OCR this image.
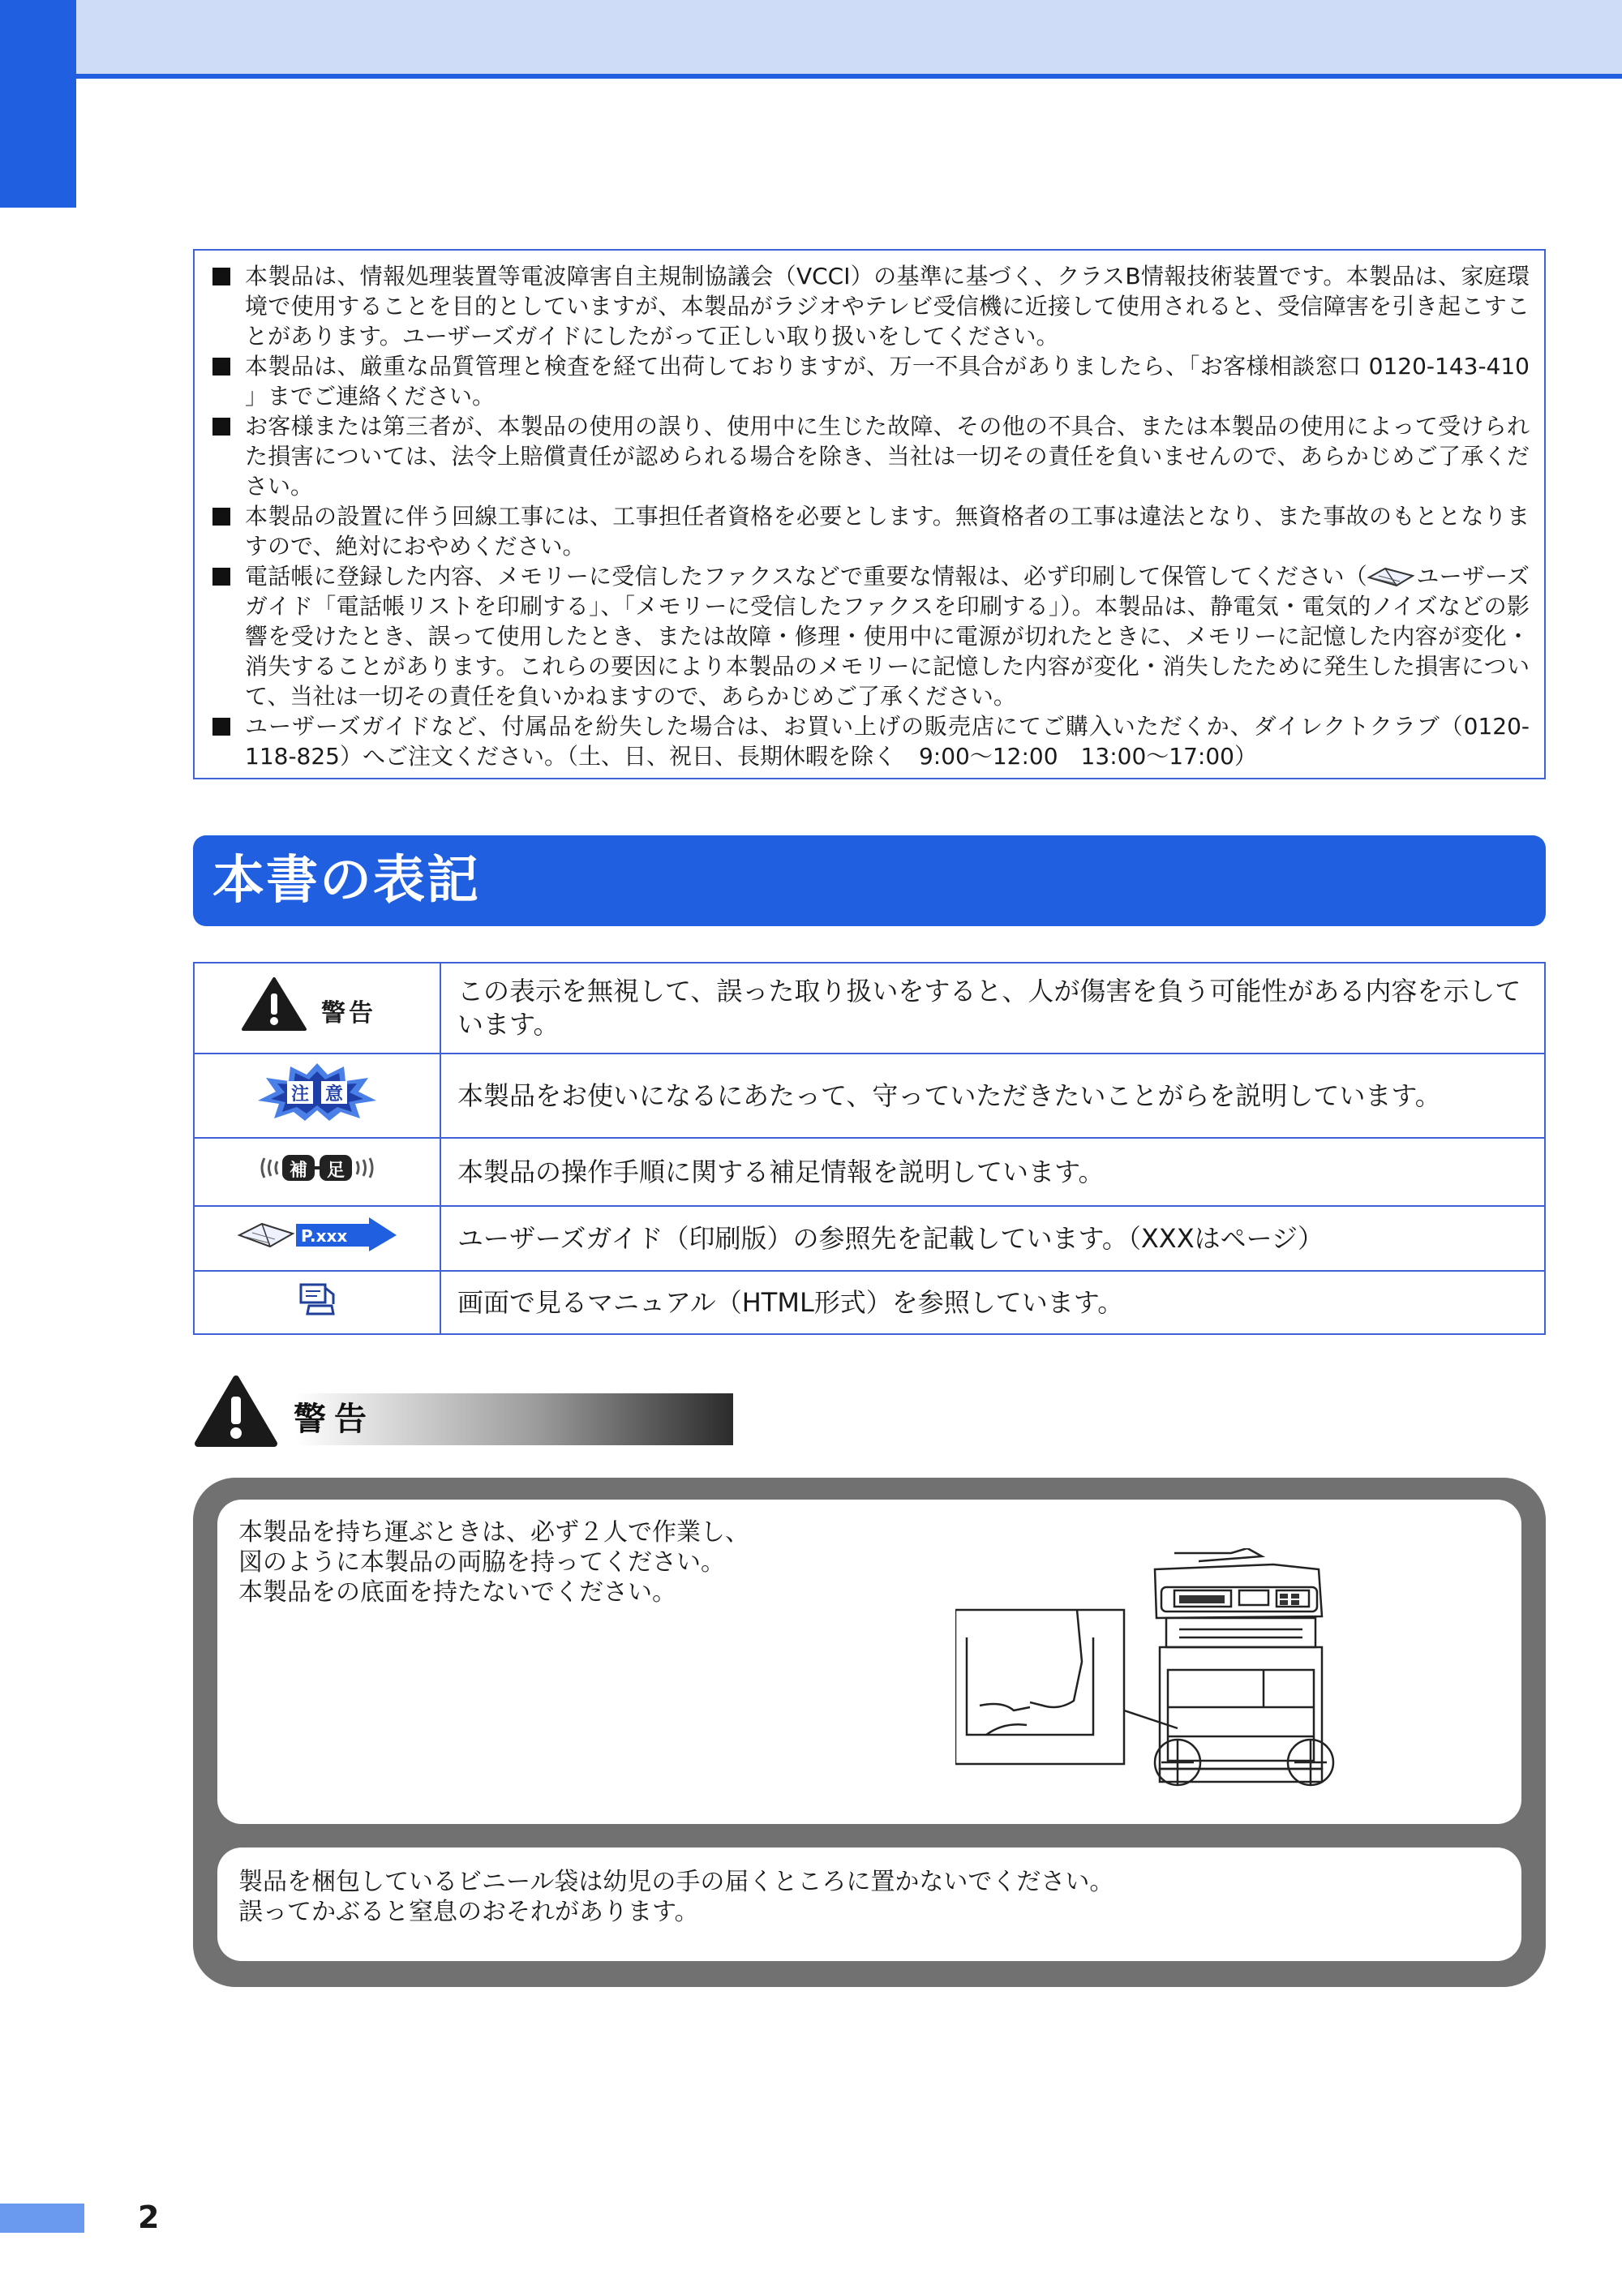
本製品は、情報処理装置等電波障害自主規制協議会（VCCI）の基準に基づく、クラスB情報技術装置です。本製品は、家庭環境で使用することを目的としていますが、本製品がラジオやテレビ受信機に近接して使用されると、受信障害を引き起こすことがあります。ユーザーズガイドにしたがって正しい取り扱いをしてください。
本製品は、厳重な品質管理と検査を経て出荷しておりますが、万一不具合がありましたら、「お客様相談窓口 0120-143-410 」までご連絡ください。
お客様または第三者が、本製品の使用の誤り、使用中に生じた故障、その他の不具合、または本製品の使用によって受けられた損害については、法令上賠償責任が認められる場合を除き、当社は一切その責任を負いませんので、あらかじめご了承ください。
本製品の設置に伴う回線工事には、工事担任者資格を必要とします。無資格者の工事は違法となり、また事故のもととなりますので、絶対におやめください。
電話帳に登録した内容、メモリーに受信したファクスなどで重要な情報は、必ず印刷して保管してください（ ユーザーズガイド「電話帳リストを印刷する」、「メモリーに受信したファクスを印刷する」）。本製品は、静電気・電気的ノイズなどの影響を受けたとき、誤って使用したとき、または故障・修理・使用中に電源が切れたときに、メモリーに記憶した内容が変化・消失することがあります。これらの要因により本製品のメモリーに記憶した内容が変化・消失したために発生した損害について、当社は一切その責任を負いかねますので、あらかじめご了承ください。
ユーザーズガイドなど、付属品を紛失した場合は、お買い上げの販売店にてご購入いただくか、ダイレクトクラブ（0120-118-825）へご注文ください。（土、日、祝日、長期休暇を除く　9:00〜12:00　13:00〜17:00）
本書の表記
警告	この表示を無視して、誤った取り扱いをすると、人が傷害を負う可能性がある内容を示しています。

注 意	本製品をお使いになるにあたって、守っていただきたいことがらを説明しています。

補 足	本製品の操作手順に関する補足情報を説明しています。

P.xxx	ユーザーズガイド（印刷版）の参照先を記載しています。（XXXはページ）
	画面で見るマニュアル（HTML形式）を参照しています。
警告
本製品を持ち運ぶときは、必ず２人で作業し、
図のように本製品の両脇を持ってください。
本製品をの底面を持たないでください。
製品を梱包しているビニール袋は幼児の手の届くところに置かないでください。
誤ってかぶると窒息のおそれがあります。
2
